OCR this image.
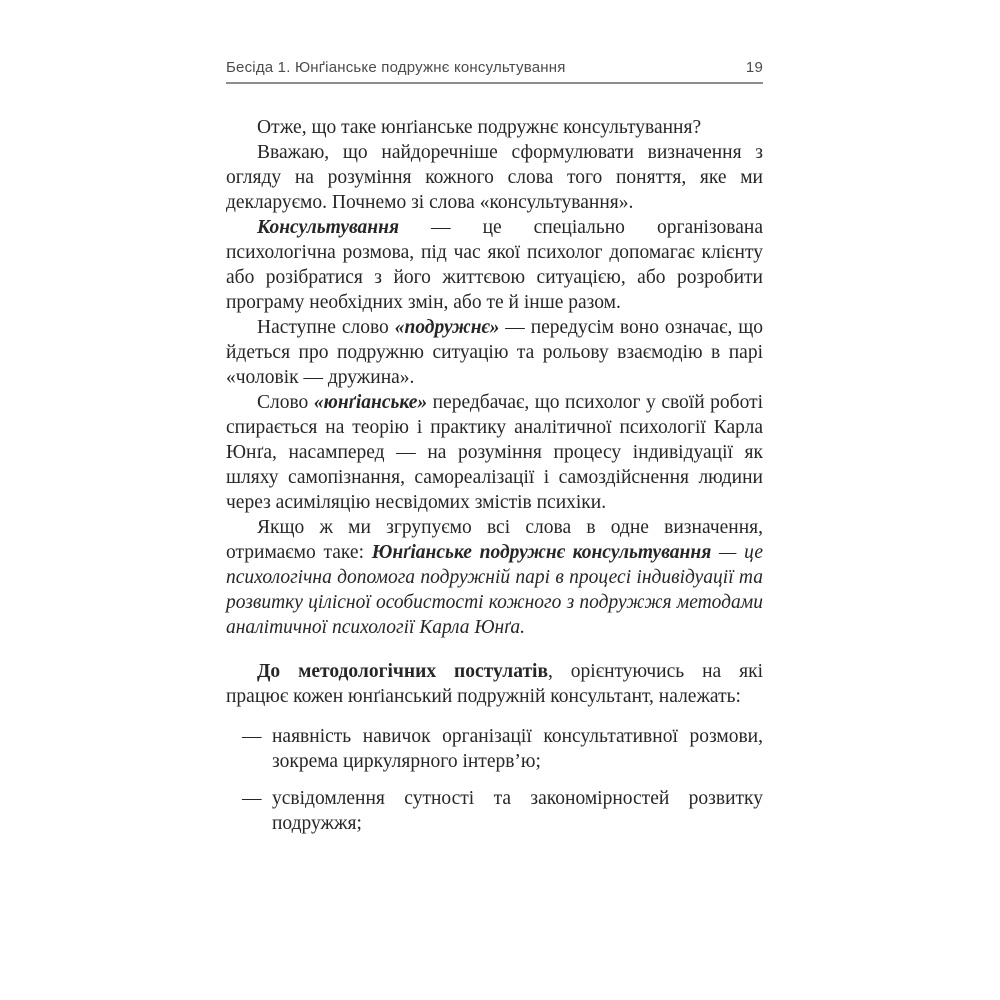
Бесіда 1. Юнґіанське подружнє консультування	19

Отже, що таке юнґіанське подружнє консультування?

Вважаю, що найдоречніше сформулювати визначення з огляду на розуміння кожного слова того поняття, яке ми декларуємо. Почнемо зі слова «консультування».

Консультування — це спеціально організована психологічна розмова, під час якої психолог допомагає клієнту або розібратися з його життєвою ситуацією, або розробити програму необхідних змін, або те й інше разом.

Наступне слово «подружнє» — передусім воно означає, що йдеться про подружню ситуацію та рольову взаємодію в парі «чоловік — дружина».

Слово «юнґіанське» передбачає, що психолог у своїй роботі спирається на теорію і практику аналітичної психології Карла Юнґа, насамперед — на розуміння процесу індивідуації як шляху самопізнання, самореалізації і самоздійснення людини через асиміляцію несвідомих змістів психіки.

Якщо ж ми згрупуємо всі слова в одне визначення, отримаємо таке: Юнґіанське подружнє консультування — це психологічна допомога подружній парі в процесі індивідуації та розвитку цілісної особистості кожного з подружжя методами аналітичної психології Карла Юнґа.

До методологічних постулатів, орієнтуючись на які працює кожен юнґіанський подружній консультант, належать:

— наявність навичок організації консультативної розмови, зокрема циркулярного інтерв’ю;
— усвідомлення сутності та закономірностей розвитку подружжя;
